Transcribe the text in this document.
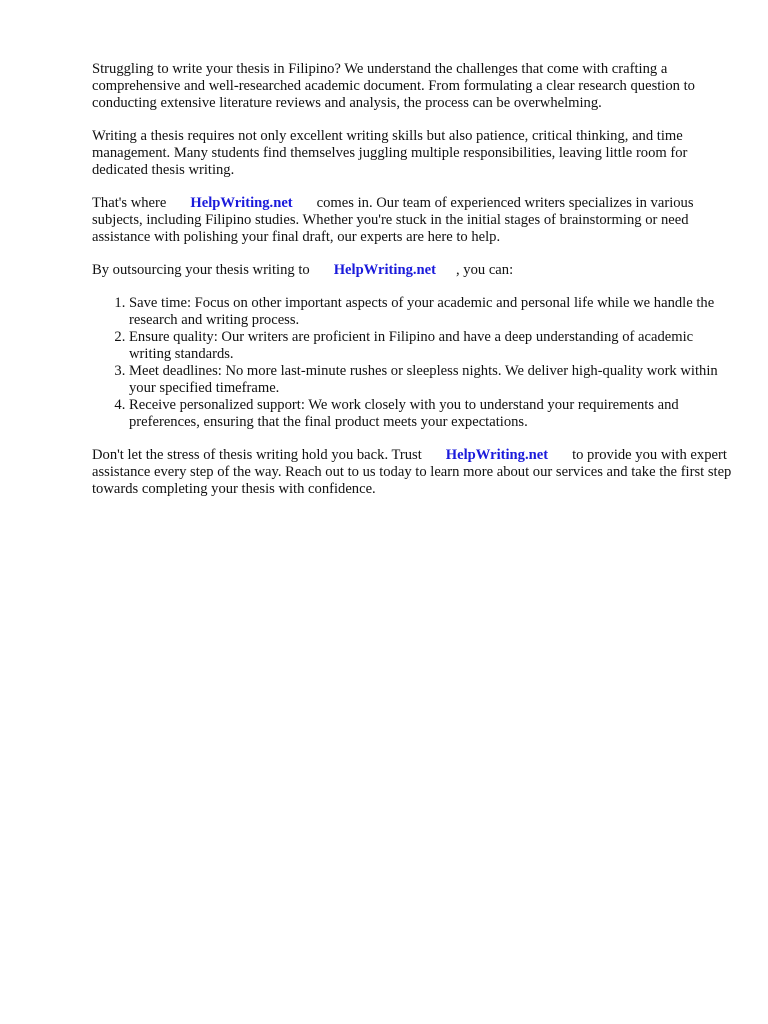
Struggling to write your thesis in Filipino? We understand the challenges that come with crafting a comprehensive and well-researched academic document. From formulating a clear research question to conducting extensive literature reviews and analysis, the process can be overwhelming.

Writing a thesis requires not only excellent writing skills but also patience, critical thinking, and time management. Many students find themselves juggling multiple responsibilities, leaving little room for dedicated thesis writing.

That's where HelpWriting.net comes in. Our team of experienced writers specializes in various subjects, including Filipino studies. Whether you're stuck in the initial stages of brainstorming or need assistance with polishing your final draft, our experts are here to help.

By outsourcing your thesis writing to HelpWriting.net , you can:

1. Save time: Focus on other important aspects of your academic and personal life while we handle the research and writing process.
2. Ensure quality: Our writers are proficient in Filipino and have a deep understanding of academic writing standards.
3. Meet deadlines: No more last-minute rushes or sleepless nights. We deliver high-quality work within your specified timeframe.
4. Receive personalized support: We work closely with you to understand your requirements and preferences, ensuring that the final product meets your expectations.

Don't let the stress of thesis writing hold you back. Trust HelpWriting.net to provide you with expert assistance every step of the way. Reach out to us today to learn more about our services and take the first step towards completing your thesis with confidence.
